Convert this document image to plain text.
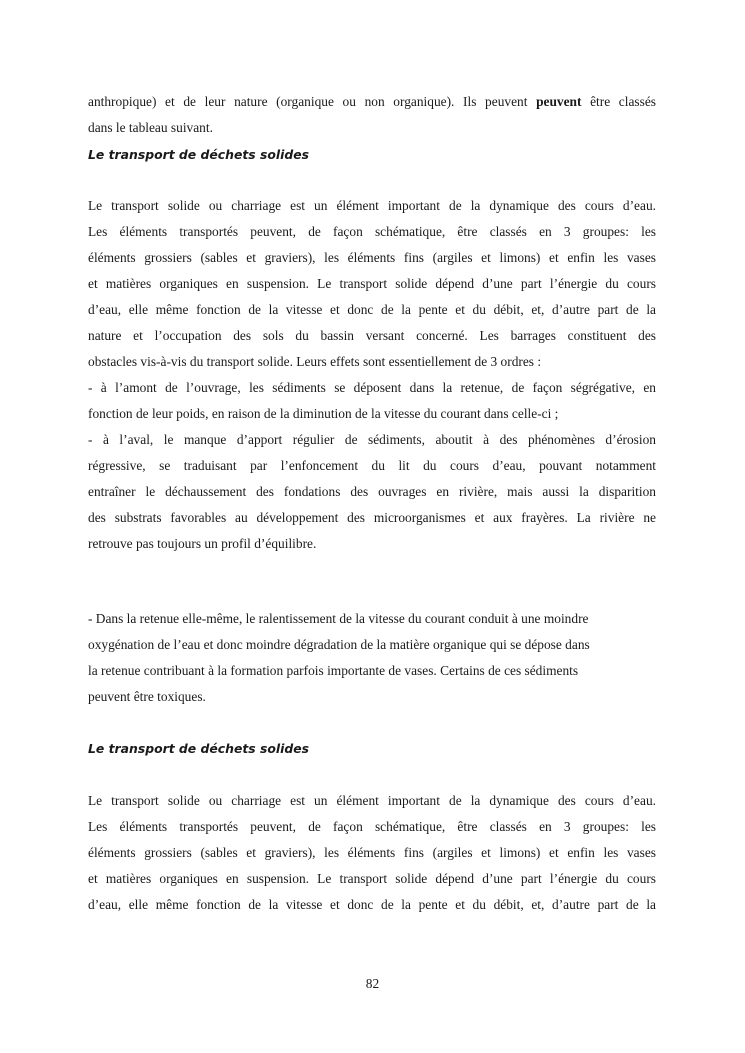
anthropique) et de leur nature (organique ou non organique). Ils peuvent peuvent être classés
dans le tableau suivant.
Le transport de déchets solides
Le transport solide ou charriage est un élément important de la dynamique des cours d’eau.
Les éléments transportés peuvent, de façon schématique, être classés en 3 groupes: les
éléments grossiers (sables et graviers), les éléments fins (argiles et limons) et enfin les vases
et matières organiques en suspension. Le transport solide dépend d’une part l’énergie du cours
d’eau, elle même fonction de la vitesse et donc de la pente et du débit, et, d’autre part de la
nature et l’occupation des sols du bassin versant concerné. Les barrages constituent des
obstacles vis-à-vis du transport solide. Leurs effets sont essentiellement de 3 ordres :
- à l’amont de l’ouvrage, les sédiments se déposent dans la retenue, de façon ségrégative, en
fonction de leur poids, en raison de la diminution de la vitesse du courant dans celle-ci ;
- à l’aval, le manque d’apport régulier de sédiments, aboutit à des phénomènes d’érosion
régressive, se traduisant par l’enfoncement du lit du cours d’eau, pouvant notamment
entraîner le déchaussement des fondations des ouvrages en rivière, mais aussi la disparition
des substrats favorables au développement des microorganismes et aux frayères. La rivière ne
retrouve pas toujours un profil d’équilibre.
- Dans la retenue elle-même, le ralentissement de la vitesse du courant conduit à une moindre
oxygénation de l’eau et donc moindre dégradation de la matière organique qui se dépose dans
la retenue contribuant à la formation parfois importante de vases. Certains de ces sédiments
peuvent être toxiques.
Le transport de déchets solides
Le transport solide ou charriage est un élément important de la dynamique des cours d’eau.
Les éléments transportés peuvent, de façon schématique, être classés en 3 groupes: les
éléments grossiers (sables et graviers), les éléments fins (argiles et limons) et enfin les vases
et matières organiques en suspension. Le transport solide dépend d’une part l’énergie du cours
d’eau, elle même fonction de la vitesse et donc de la pente et du débit, et, d’autre part de la
82
